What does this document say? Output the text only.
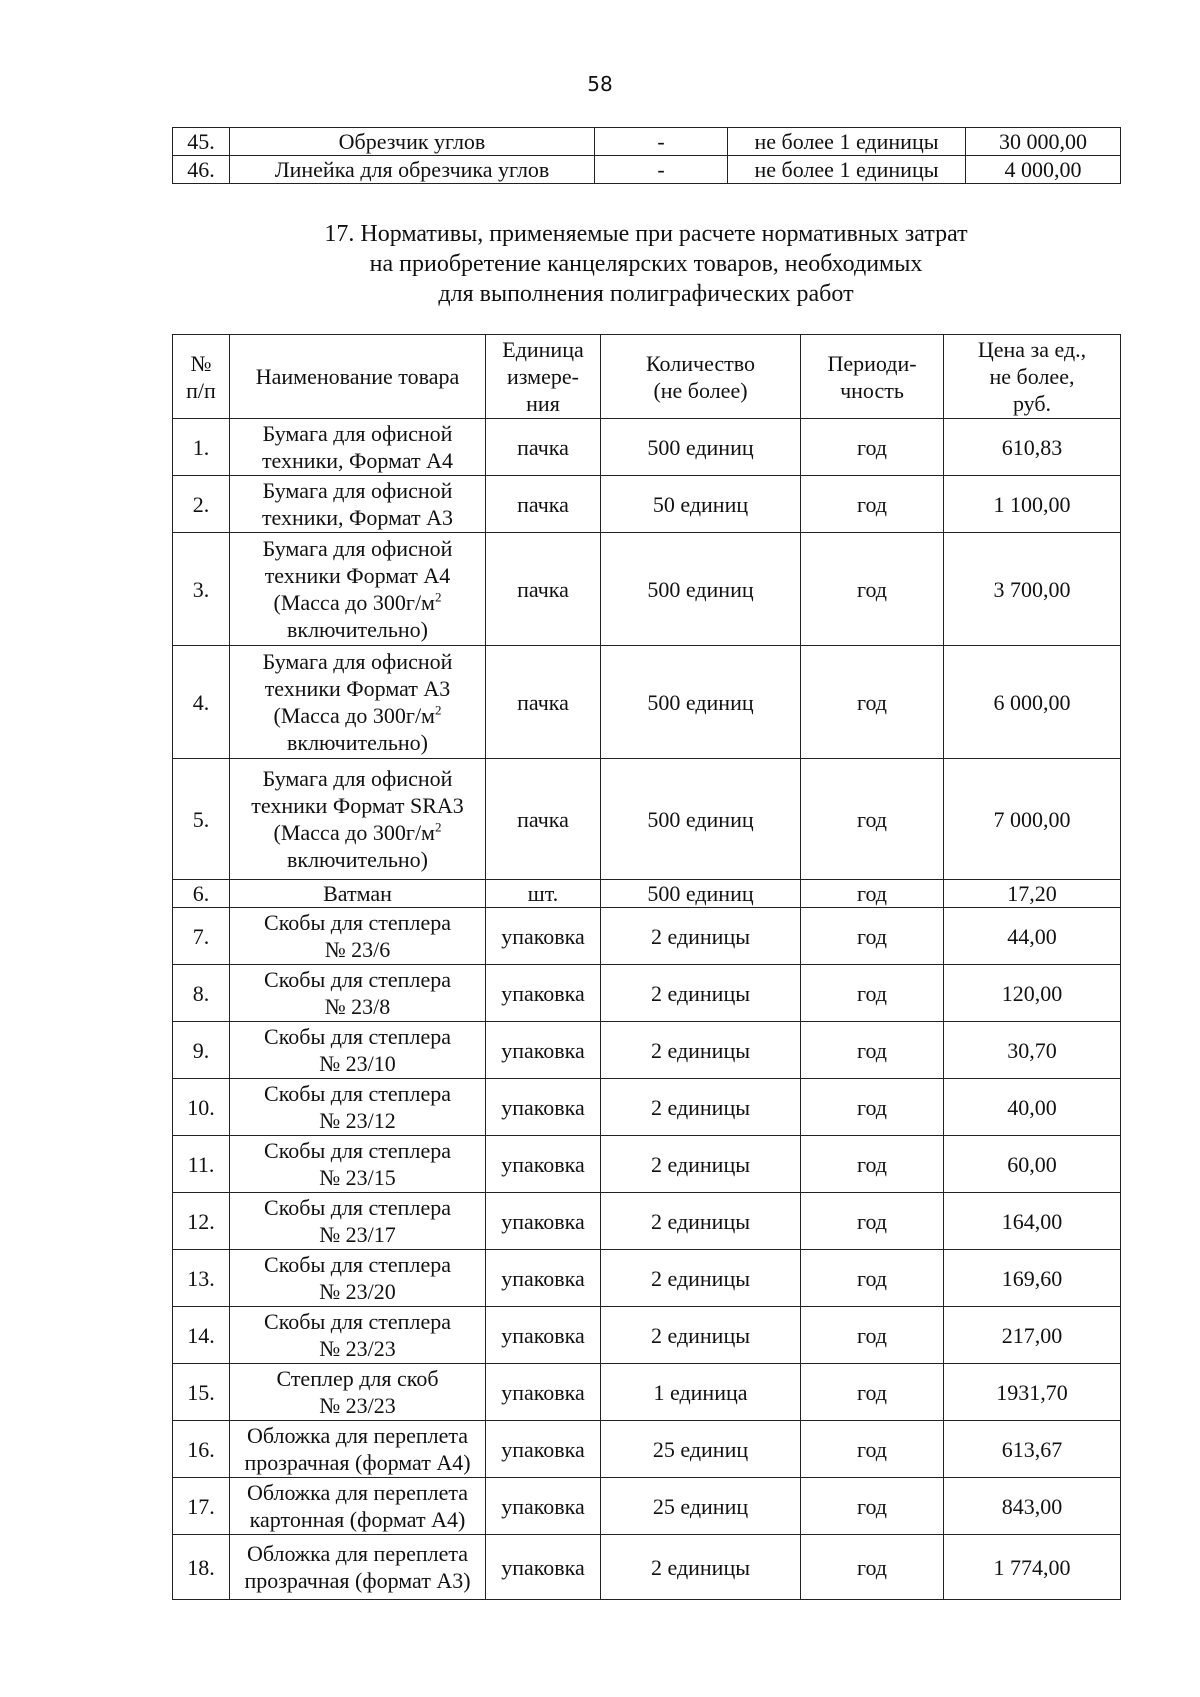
58
45.	Обрезчик углов	-	не более 1 единицы	30 000,00
46.	Линейка для обрезчика углов	-	не более 1 единицы	4 000,00
17. Нормативы, применяемые при расчете нормативных затрат
на приобретение канцелярских товаров, необходимых
для выполнения полиграфических работ
№
п/п	Наименование товара	Единица
измере-
ния	Количество
(не более)	Периоди-
чность	Цена за ед.,
не более,
руб.
1.	Бумага для офисной
техники, Формат А4	пачка	500 единиц	год	610,83
2.	Бумага для офисной
техники, Формат А3	пачка	50 единиц	год	1 100,00
3.	Бумага для офисной
техники Формат А4
(Масса до $300г/м^2$
включительно)	пачка	500 единиц	год	3 700,00
4.	Бумага для офисной
техники Формат А3
(Масса до $300г/м^2$
включительно)	пачка	500 единиц	год	6 000,00
5.	Бумага для офисной
техники Формат SRA3
(Масса до $300г/м^2$
включительно)	пачка	500 единиц	год	7 000,00
6.	Ватман	шт.	500 единиц	год	17,20
7.	Скобы для степлера
№ 23/6	упаковка	2 единицы	год	44,00
8.	Скобы для степлера
№ 23/8	упаковка	2 единицы	год	120,00
9.	Скобы для степлера
№ 23/10	упаковка	2 единицы	год	30,70
10.	Скобы для степлера
№ 23/12	упаковка	2 единицы	год	40,00
11.	Скобы для степлера
№ 23/15	упаковка	2 единицы	год	60,00
12.	Скобы для степлера
№ 23/17	упаковка	2 единицы	год	164,00
13.	Скобы для степлера
№ 23/20	упаковка	2 единицы	год	169,60
14.	Скобы для степлера
№ 23/23	упаковка	2 единицы	год	217,00
15.	Степлер для скоб
№ 23/23	упаковка	1 единица	год	1931,70
16.	Обложка для переплета
прозрачная (формат А4)	упаковка	25 единиц	год	613,67
17.	Обложка для переплета
картонная (формат А4)	упаковка	25 единиц	год	843,00
18.	Обложка для переплета
прозрачная (формат А3)	упаковка	2 единицы	год	1 774,00
